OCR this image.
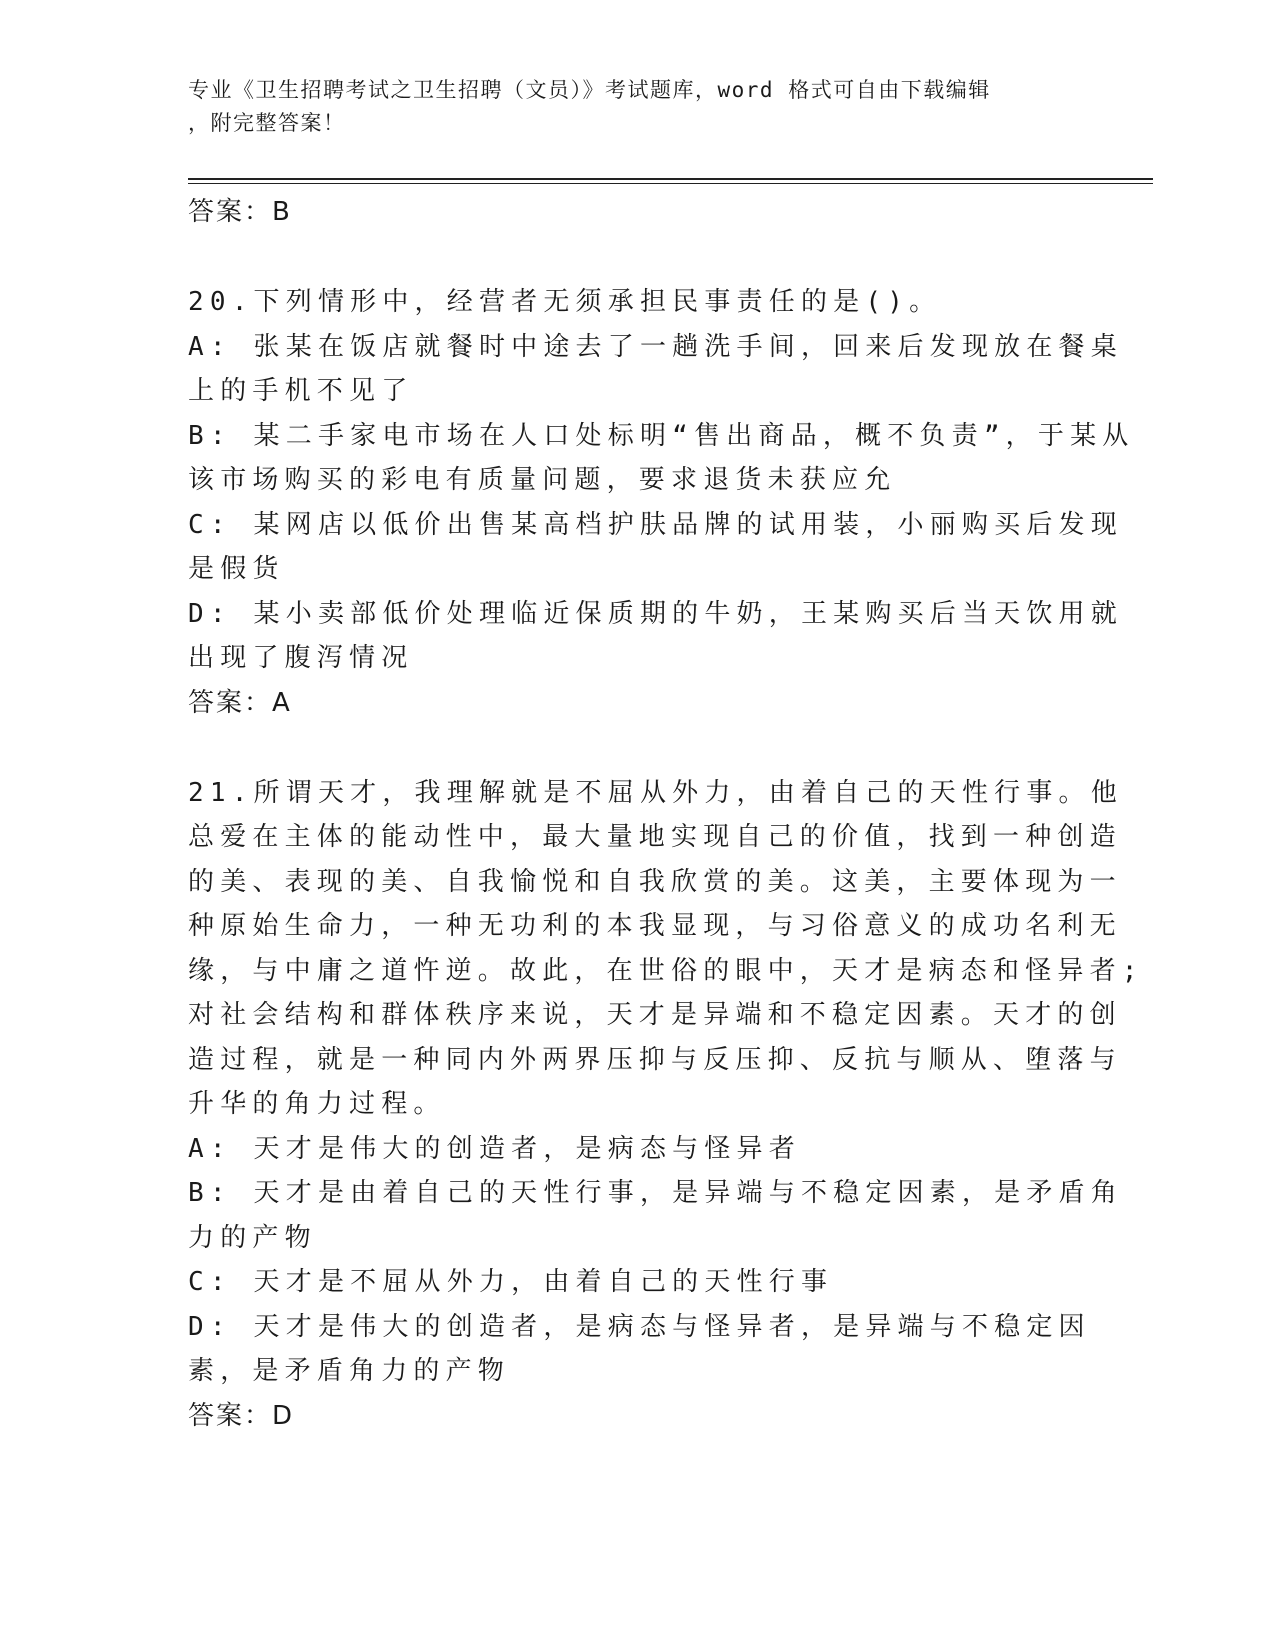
专业《卫生招聘考试之卫生招聘（文员）》考试题库，word 格式可自由下载编辑
，附完整答案！

答案：B

20.下列情形中，经营者无须承担民事责任的是()。

A: 张某在饭店就餐时中途去了一趟洗手间，回来后发现放在餐桌上的手机不见了

B: 某二手家电市场在人口处标明“售出商品，概不负责”，于某从该市场购买的彩电有质量问题，要求退货未获应允

C: 某网店以低价出售某高档护肤品牌的试用装，小丽购买后发现是假货

D: 某小卖部低价处理临近保质期的牛奶，王某购买后当天饮用就出现了腹泻情况

答案：A

21.所谓天才，我理解就是不屈从外力，由着自己的天性行事。他总爱在主体的能动性中，最大量地实现自己的价值，找到一种创造的美、表现的美、自我愉悦和自我欣赏的美。这美，主要体现为一种原始生命力，一种无功利的本我显现，与习俗意义的成功名利无缘，与中庸之道忤逆。故此，在世俗的眼中，天才是病态和怪异者;对社会结构和群体秩序来说，天才是异端和不稳定因素。天才的创造过程，就是一种同内外两界压抑与反压抑、反抗与顺从、堕落与升华的角力过程。

A: 天才是伟大的创造者，是病态与怪异者

B: 天才是由着自己的天性行事，是异端与不稳定因素，是矛盾角力的产物

C: 天才是不屈从外力，由着自己的天性行事

D: 天才是伟大的创造者，是病态与怪异者，是异端与不稳定因素，是矛盾角力的产物

答案：D
